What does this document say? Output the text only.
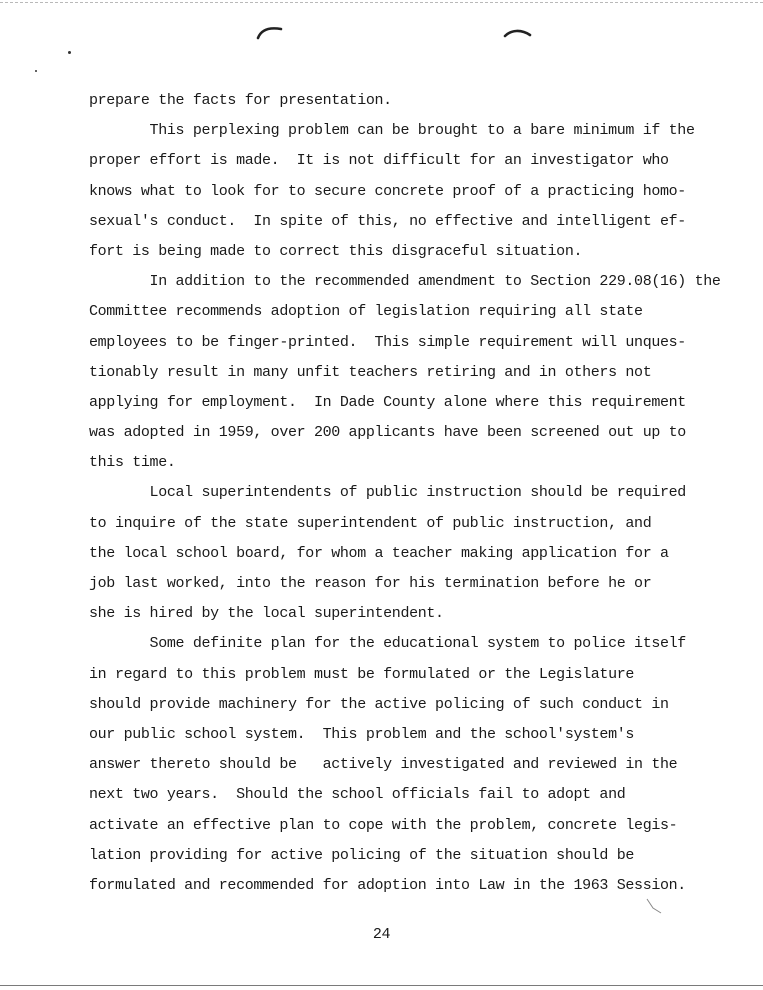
prepare the facts for presentation.
This perplexing problem can be brought to a bare minimum if the
proper effort is made.  It is not difficult for an investigator who
knows what to look for to secure concrete proof of a practicing homo-
sexual's conduct.  In spite of this, no effective and intelligent ef-
fort is being made to correct this disgraceful situation.
In addition to the recommended amendment to Section 229.08(16) the
Committee recommends adoption of legislation requiring all state
employees to be finger-printed.  This simple requirement will unques-
tionably result in many unfit teachers retiring and in others not
applying for employment.  In Dade County alone where this requirement
was adopted in 1959, over 200 applicants have been screened out up to
this time.
Local superintendents of public instruction should be required
to inquire of the state superintendent of public instruction, and
the local school board, for whom a teacher making application for a
job last worked, into the reason for his termination before he or
she is hired by the local superintendent.
Some definite plan for the educational system to police itself
in regard to this problem must be formulated or the Legislature
should provide machinery for the active policing of such conduct in
our public school system.  This problem and the school'system's
answer thereto should be   actively investigated and reviewed in the
next two years.  Should the school officials fail to adopt and
activate an effective plan to cope with the problem, concrete legis-
lation providing for active policing of the situation should be
formulated and recommended for adoption into Law in the 1963 Session.
24
